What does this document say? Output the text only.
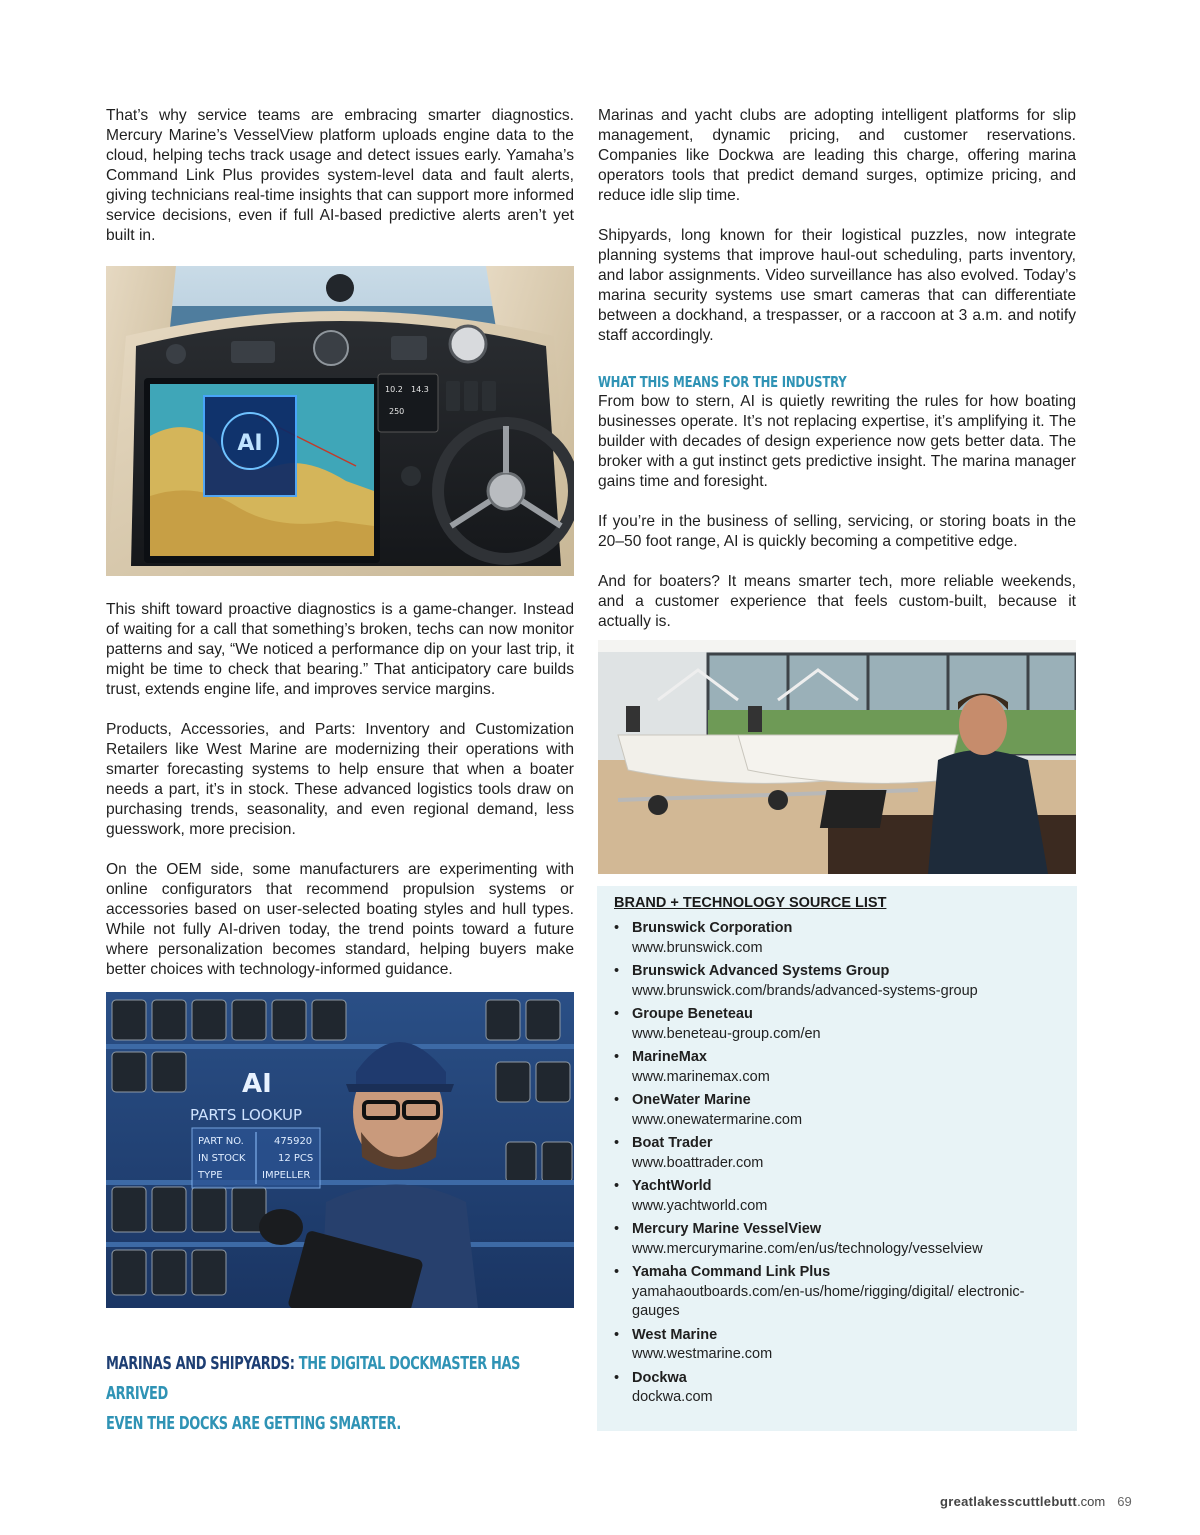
That’s why service teams are embracing smarter diagnostics. Mercury Marine’s VesselView platform uploads engine data to the cloud, helping techs track usage and detect issues early. Yamaha’s Command Link Plus provides system-level data and fault alerts, giving technicians real-time insights that can support more informed service decisions, even if full AI-based predictive alerts aren’t yet built in.

AI
10.2 14.3
250

This shift toward proactive diagnostics is a game-changer. Instead of waiting for a call that something’s broken, techs can now monitor patterns and say, “We noticed a performance dip on your last trip, it might be time to check that bearing.” That anticipatory care builds trust, extends engine life, and improves service margins.

Products, Accessories, and Parts: Inventory and Customization Retailers like West Marine are modernizing their operations with smarter forecasting systems to help ensure that when a boater needs a part, it’s in stock. These advanced logistics tools draw on purchasing trends, seasonality, and even regional demand, less guesswork, more precision.

On the OEM side, some manufacturers are experimenting with online configurators that recommend propulsion systems or accessories based on user-selected boating styles and hull types. While not fully AI-driven today, the trend points toward a future where personalization becomes standard, helping buyers make better choices with technology-informed guidance.

AI
PARTS LOOKUP
PART NO.	475920
IN STOCK	12 PCS
TYPE	IMPELLER
MARINAS AND SHIPYARDS: THE DIGITAL DOCKMASTER HAS ARRIVED
EVEN THE DOCKS ARE GETTING SMARTER.

Marinas and yacht clubs are adopting intelligent platforms for slip management, dynamic pricing, and customer reservations. Companies like Dockwa are leading this charge, offering marina operators tools that predict demand surges, optimize pricing, and reduce idle slip time.

Shipyards, long known for their logistical puzzles, now integrate planning systems that improve haul-out scheduling, parts inventory, and labor assignments. Video surveillance has also evolved. Today’s marina security systems use smart cameras that can differentiate between a dockhand, a trespasser, or a raccoon at 3 a.m. and notify staff accordingly.

WHAT THIS MEANS FOR THE INDUSTRY

From bow to stern, AI is quietly rewriting the rules for how boating businesses operate. It’s not replacing expertise, it’s amplifying it. The builder with decades of design experience now gets better data. The broker with a gut instinct gets predictive insight. The marina manager gains time and foresight.

If you’re in the business of selling, servicing, or storing boats in the 20–50 foot range, AI is quickly becoming a competitive edge.

And for boaters? It means smarter tech, more reliable weekends, and a customer experience that feels custom-built, because it actually is.

BRAND + TECHNOLOGY SOURCE LIST
• Brunswick Corporation
www.brunswick.com
• Brunswick Advanced Systems Group
www.brunswick.com/brands/advanced-systems-group
• Groupe Beneteau
www.beneteau-group.com/en
• MarineMax
www.marinemax.com
• OneWater Marine
www.onewatermarine.com
• Boat Trader
www.boattrader.com
• YachtWorld
www.yachtworld.com
• Mercury Marine VesselView
www.mercurymarine.com/en/us/technology/vesselview
• Yamaha Command Link Plus
yamahaoutboards.com/en-us/home/rigging/digital/ electronic-gauges
• West Marine
www.westmarine.com
• Dockwa
dockwa.com
greatlakesscuttlebutt.com 69
